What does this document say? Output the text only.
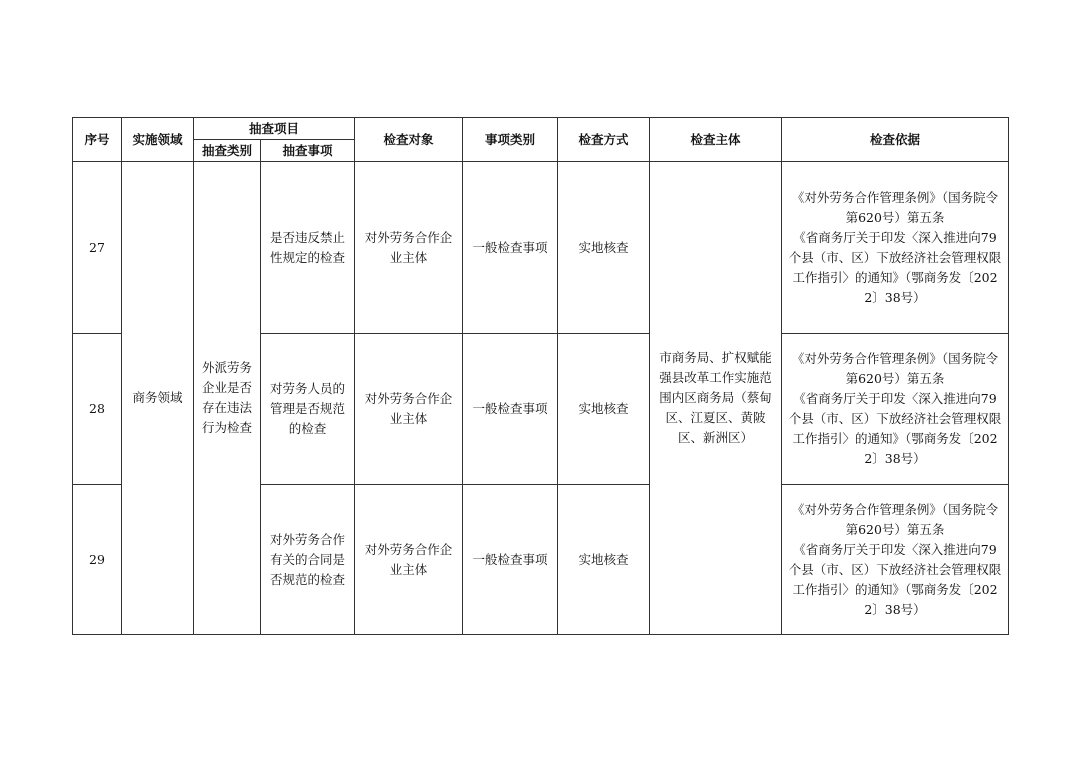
序号	实施领域	抽查项目		检查对象	事项类别	检查方式	检查主体	检查依据
		抽查类别	抽查事项					
27	商务领域	外派劳务企业是否存在违法行为检查	是否违反禁止性规定的检查	对外劳务合作企业主体	一般检查事项	实地核查	市商务局、扩权赋能强县改革工作实施范围内区商务局（蔡甸区、江夏区、黄陂区、新洲区）	《对外劳务合作管理条例》（国务院令第620号）第五条
《省商务厅关于印发〈深入推进向79个县（市、区）下放经济社会管理权限工作指引〉的通知》（鄂商务发〔2022〕38号）
28			对劳务人员的管理是否规范的检查	对外劳务合作企业主体	一般检查事项	实地核查		《对外劳务合作管理条例》（国务院令第620号）第五条
《省商务厅关于印发〈深入推进向79个县（市、区）下放经济社会管理权限工作指引〉的通知》（鄂商务发〔2022〕38号）
29			对外劳务合作有关的合同是否规范的检查	对外劳务合作企业主体	一般检查事项	实地核查		《对外劳务合作管理条例》（国务院令第620号）第五条
《省商务厅关于印发〈深入推进向79个县（市、区）下放经济社会管理权限工作指引〉的通知》（鄂商务发〔2022〕38号）
